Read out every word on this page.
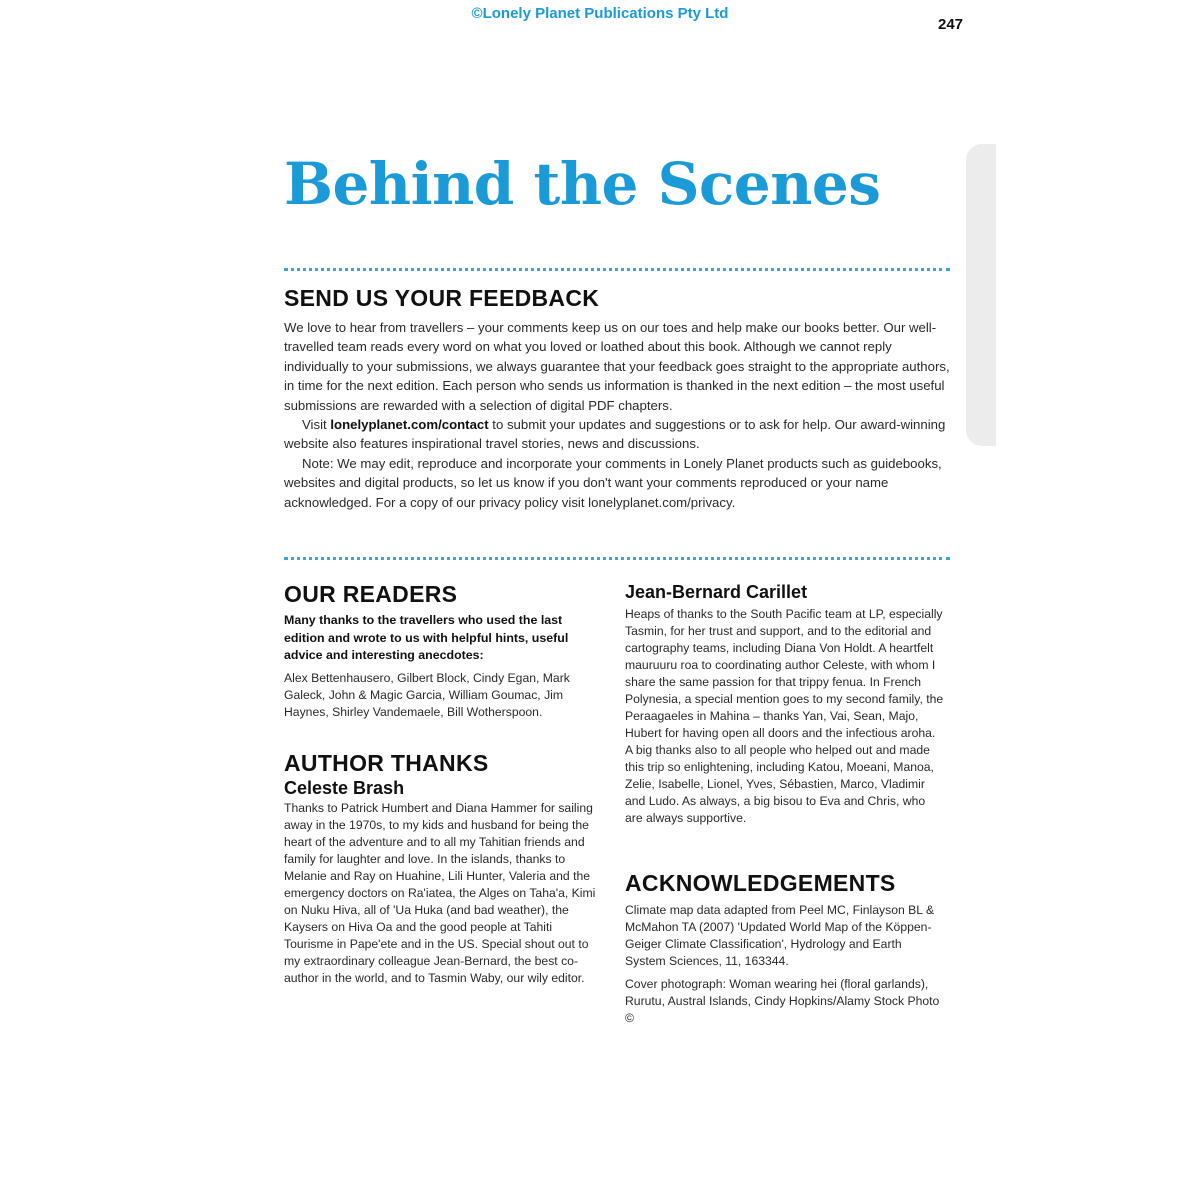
©Lonely Planet Publications Pty Ltd
247
Behind the Scenes
SEND US YOUR FEEDBACK

We love to hear from travellers – your comments keep us on our toes and help make our books better. Our well-travelled team reads every word on what you loved or loathed about this book. Although we cannot reply individually to your submissions, we always guarantee that your feedback goes straight to the appropriate authors, in time for the next edition. Each person who sends us information is thanked in the next edition – the most useful submissions are rewarded with a selection of digital PDF chapters.

Visit lonelyplanet.com/contact to submit your updates and suggestions or to ask for help. Our award-winning website also features inspirational travel stories, news and discussions.

Note: We may edit, reproduce and incorporate your comments in Lonely Planet products such as guidebooks, websites and digital products, so let us know if you don't want your comments reproduced or your name acknowledged. For a copy of our privacy policy visit lonelyplanet.com/privacy.

OUR READERS
Many thanks to the travellers who used the last edition and wrote to us with helpful hints, useful advice and interesting anecdotes:
Alex Bettenhausero, Gilbert Block, Cindy Egan, Mark Galeck, John & Magic Garcia, William Goumac, Jim Haynes, Shirley Vandemaele, Bill Wotherspoon.
AUTHOR THANKS
Celeste Brash
Thanks to Patrick Humbert and Diana Hammer for sailing away in the 1970s, to my kids and husband for being the heart of the adventure and to all my Tahitian friends and family for laughter and love. In the islands, thanks to Melanie and Ray on Huahine, Lili Hunter, Valeria and the emergency doctors on Ra'iatea, the Alges on Taha'a, Kimi on Nuku Hiva, all of 'Ua Huka (and bad weather), the Kaysers on Hiva Oa and the good people at Tahiti Tourisme in Pape'ete and in the US. Special shout out to my extraordinary colleague Jean-Bernard, the best co-author in the world, and to Tasmin Waby, our wily editor.
Jean-Bernard Carillet
Heaps of thanks to the South Pacific team at LP, especially Tasmin, for her trust and support, and to the editorial and cartography teams, including Diana Von Holdt. A heartfelt mauruuru roa to coordinating author Celeste, with whom I share the same passion for that trippy fenua. In French Polynesia, a special mention goes to my second family, the Peraagaeles in Mahina – thanks Yan, Vai, Sean, Majo, Hubert for having open all doors and the infectious aroha. A big thanks also to all people who helped out and made this trip so enlightening, including Katou, Moeani, Manoa, Zelie, Isabelle, Lionel, Yves, Sébastien, Marco, Vladimir and Ludo. As always, a big bisou to Eva and Chris, who are always supportive.
ACKNOWLEDGEMENTS

Climate map data adapted from Peel MC, Finlayson BL & McMahon TA (2007) 'Updated World Map of the Köppen-Geiger Climate Classification', Hydrology and Earth System Sciences, 11, 163344.

Cover photograph: Woman wearing hei (floral garlands), Rurutu, Austral Islands, Cindy Hopkins/Alamy Stock Photo ©
